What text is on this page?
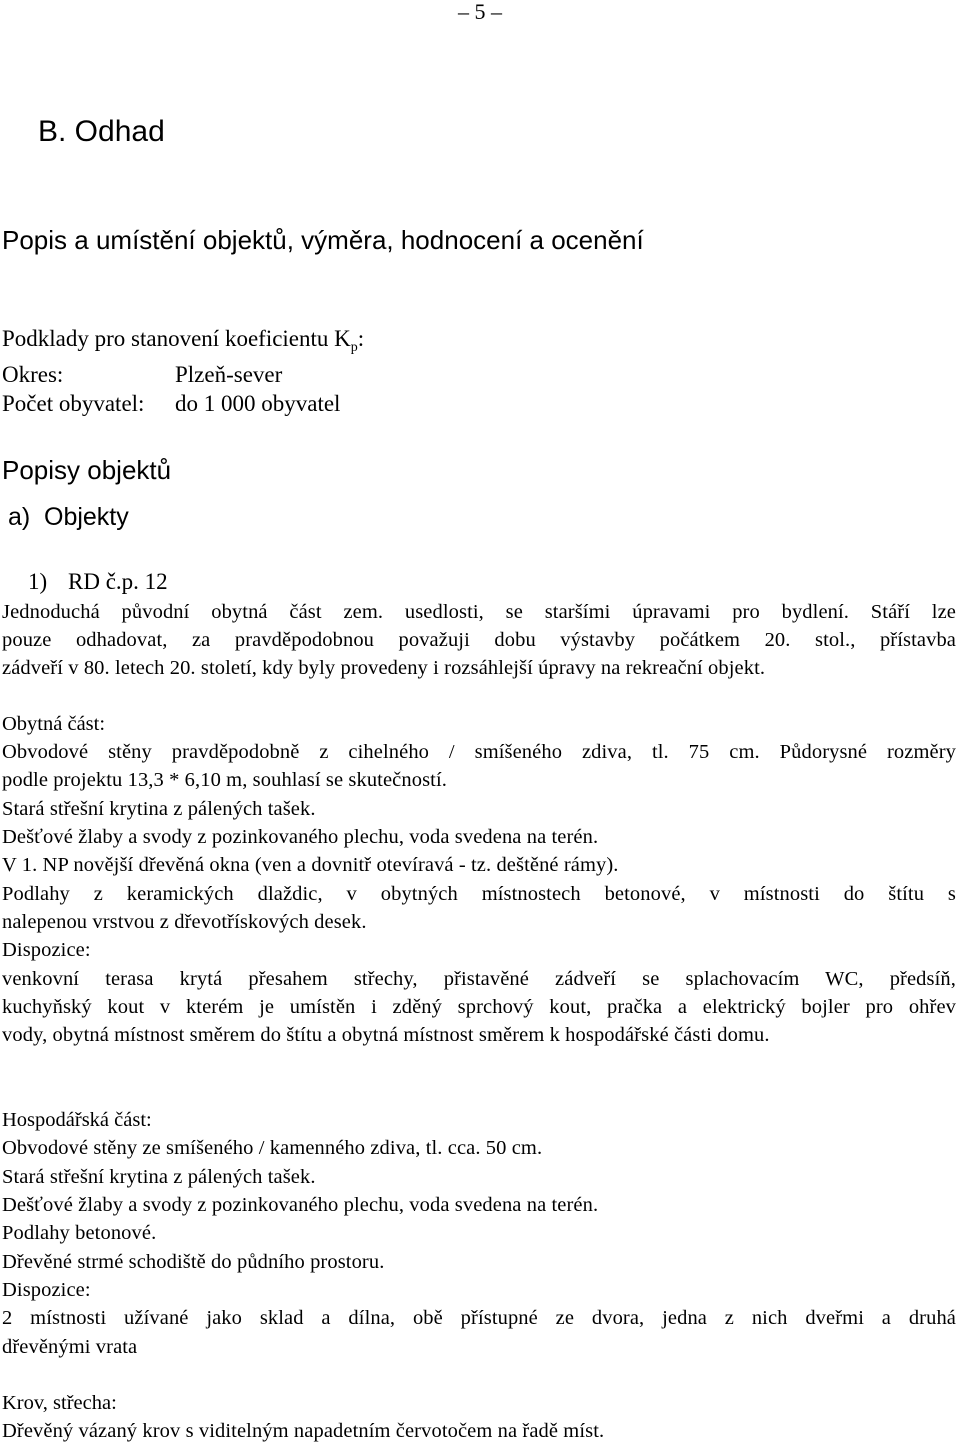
– 5 –
B. Odhad
Popis a umístění objektů, výměra, hodnocení a ocenění
Podklady pro stanovení koeficientu $K_p$:
Okres:	Plzeň-sever
Počet obyvatel: do 1 000 obyvatel
Popisy objektů
a) Objekty
1) RD č.p. 12
Jednoduchá původní obytná část zem. usedlosti, se staršími úpravami pro bydlení. Stáří lze
pouze odhadovat, za pravděpodobnou považuji dobu výstavby počátkem 20. stol., přístavba
zádveří v 80. letech 20. století, kdy byly provedeny i rozsáhlejší úpravy na rekreační objekt.
Obytná část:
Obvodové stěny pravděpodobně z cihelného / smíšeného zdiva, tl. 75 cm. Půdorysné rozměry
podle projektu 13,3 * 6,10 m, souhlasí se skutečností.
Stará střešní krytina z pálených tašek.
Dešťové žlaby a svody z pozinkovaného plechu, voda svedena na terén.
V 1. NP novější dřevěná okna (ven a dovnitř otevíravá - tz. deštěné rámy).
Podlahy z keramických dlaždic, v obytných místnostech betonové, v místnosti do štítu s
nalepenou vrstvou z dřevotřískových desek.
Dispozice:
venkovní terasa krytá přesahem střechy, přistavěné zádveří se splachovacím WC, předsíň,
kuchyňský kout v kterém je umístěn i zděný sprchový kout, pračka a elektrický bojler pro ohřev
vody, obytná místnost směrem do štítu a obytná místnost směrem k hospodářské části domu.
Hospodářská část:
Obvodové stěny ze smíšeného / kamenného zdiva, tl. cca. 50 cm.
Stará střešní krytina z pálených tašek.
Dešťové žlaby a svody z pozinkovaného plechu, voda svedena na terén.
Podlahy betonové.
Dřevěné strmé schodiště do půdního prostoru.
Dispozice:
2 místnosti užívané jako sklad a dílna, obě přístupné ze dvora, jedna z nich dveřmi a druhá
dřevěnými vrata
Krov, střecha:
Dřevěný vázaný krov s viditelným napadetním červotočem na řadě míst.
